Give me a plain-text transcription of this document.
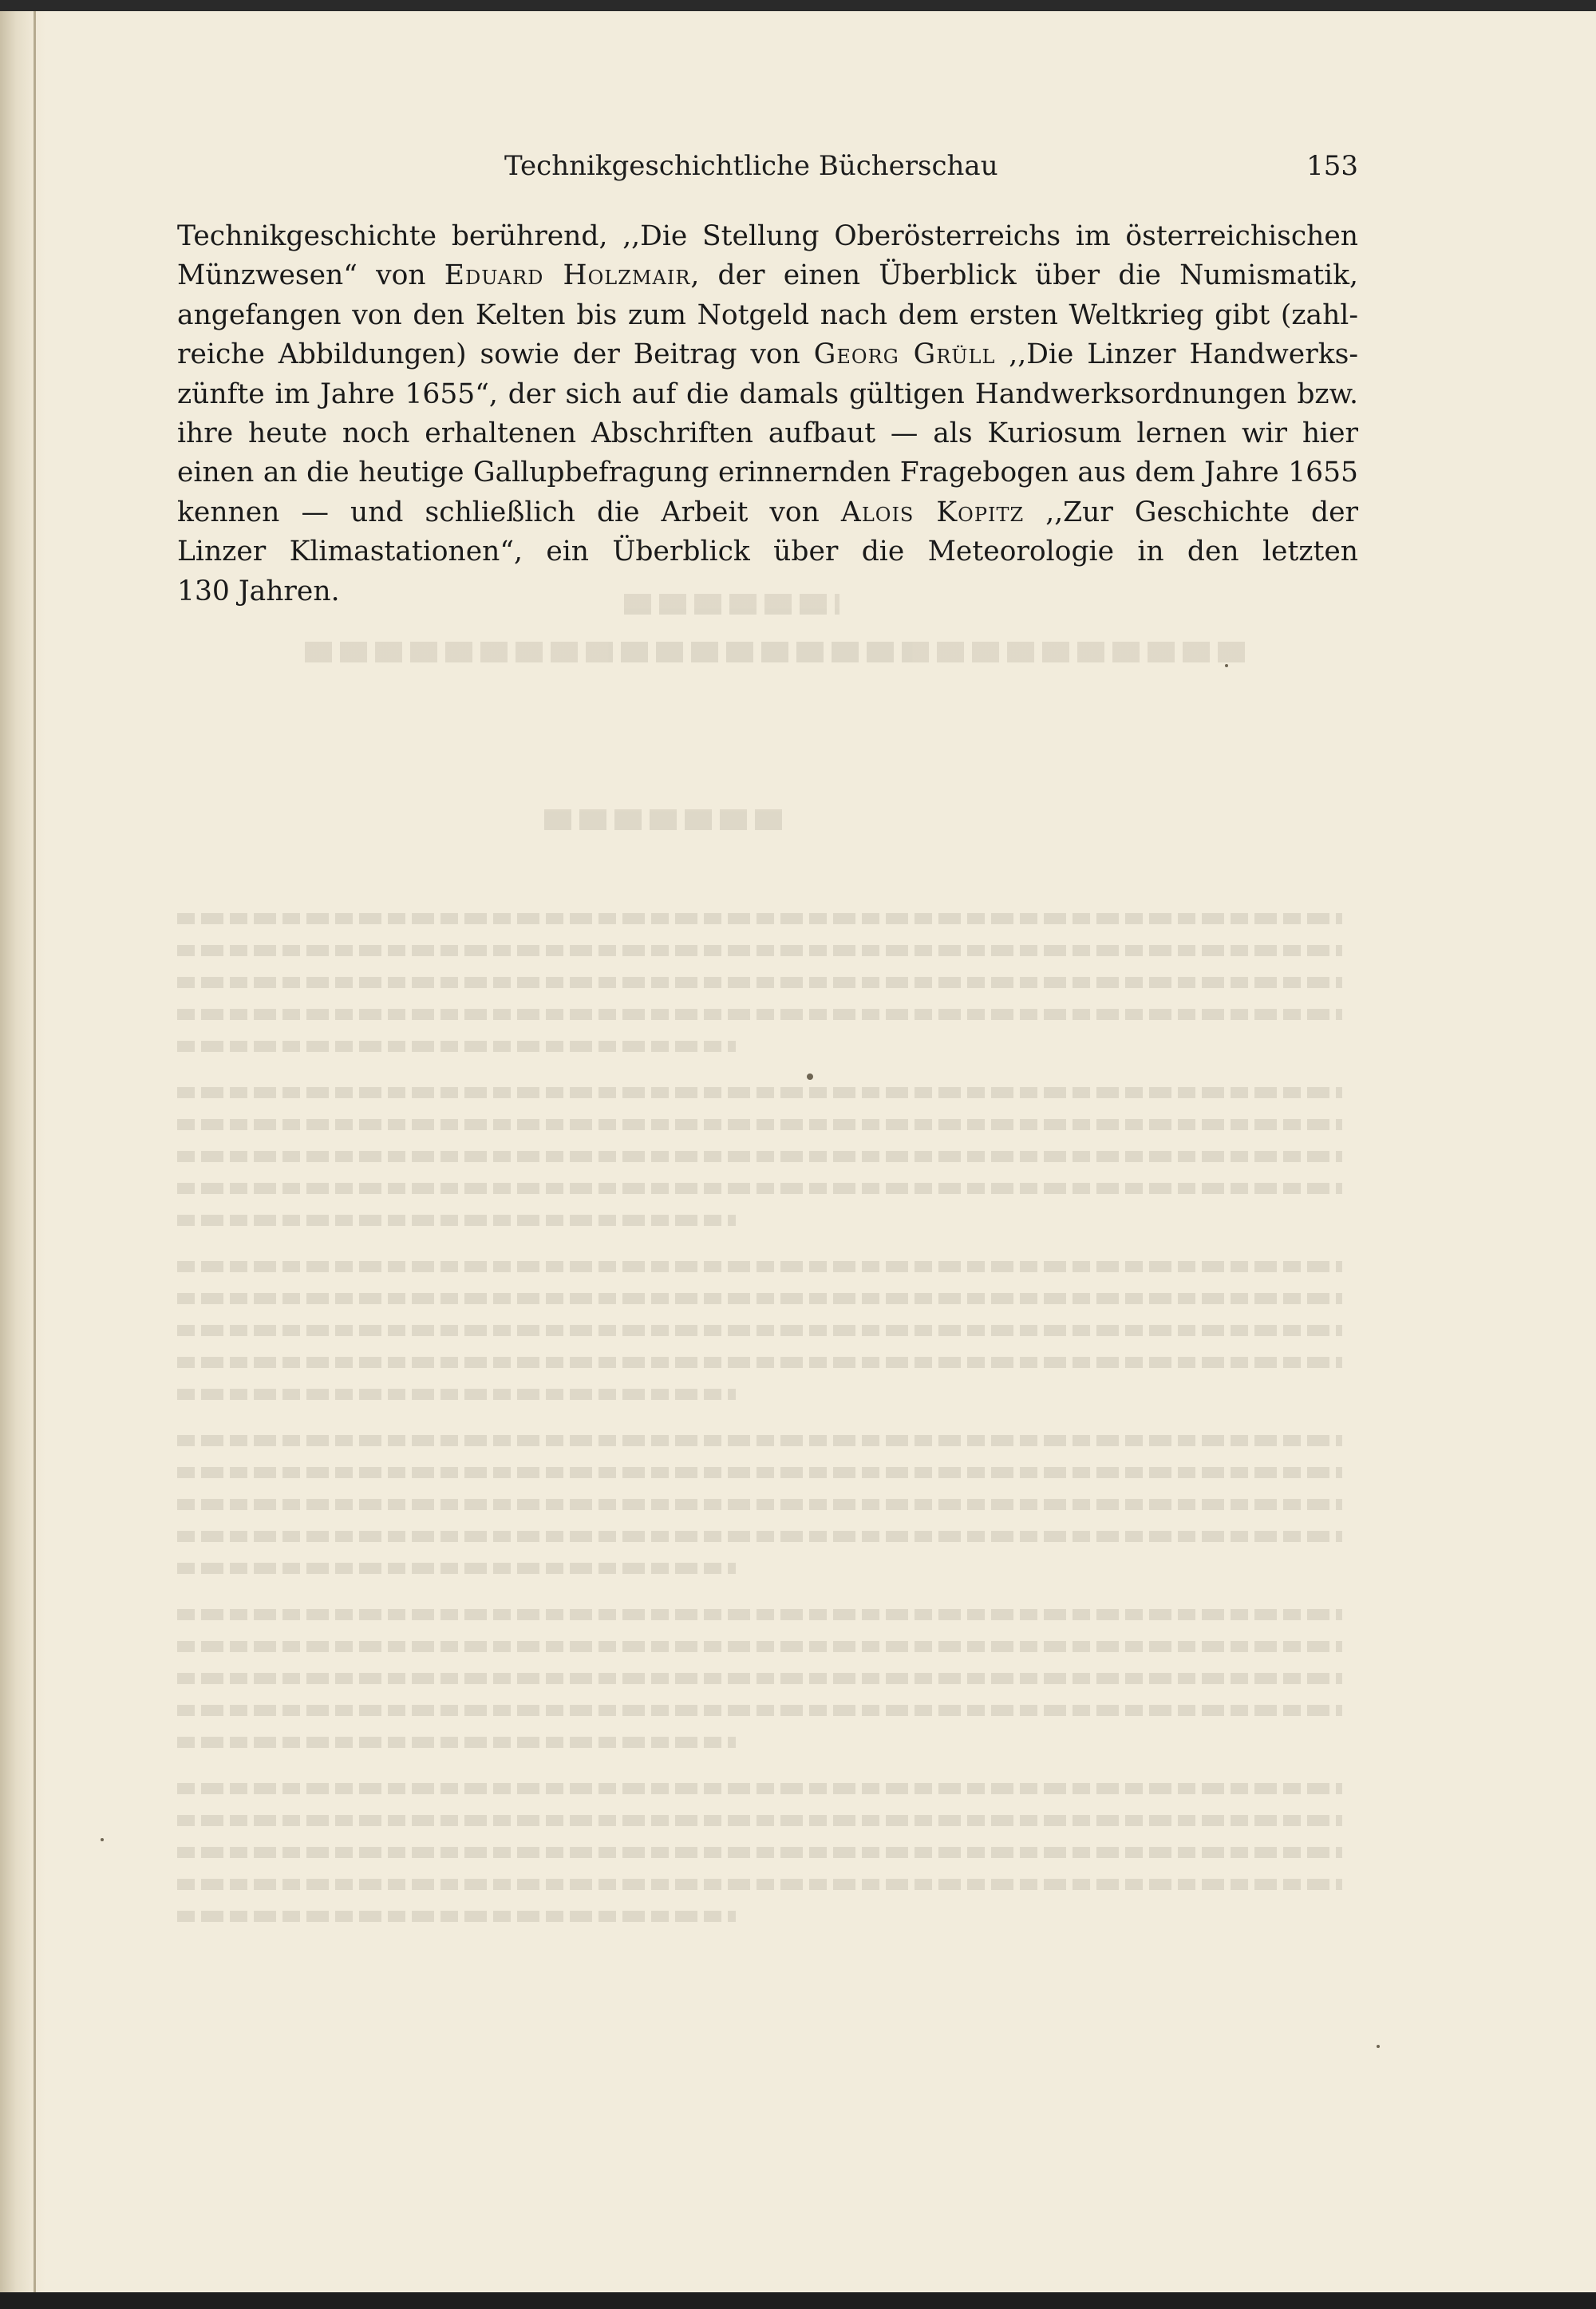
Technikgeschichtliche Bücherschau	153
Technikgeschichte berührend, ,,Die Stellung Oberösterreichs im österreichischen
Münzwesen“ von Eduard Holzmair, der einen Überblick über die Numismatik,
angefangen von den Kelten bis zum Notgeld nach dem ersten Weltkrieg gibt (zahl-
reiche Abbildungen) sowie der Beitrag von Georg Grüll ,,Die Linzer Handwerks-
zünfte im Jahre 1655“, der sich auf die damals gültigen Handwerksordnungen bzw.
ihre heute noch erhaltenen Abschriften aufbaut — als Kuriosum lernen wir hier
einen an die heutige Gallupbefragung erinnernden Fragebogen aus dem Jahre 1655
kennen — und schließlich die Arbeit von Alois Kopitz ,,Zur Geschichte der
Linzer Klimastationen“, ein Überblick über die Meteorologie in den letzten
130 Jahren.
